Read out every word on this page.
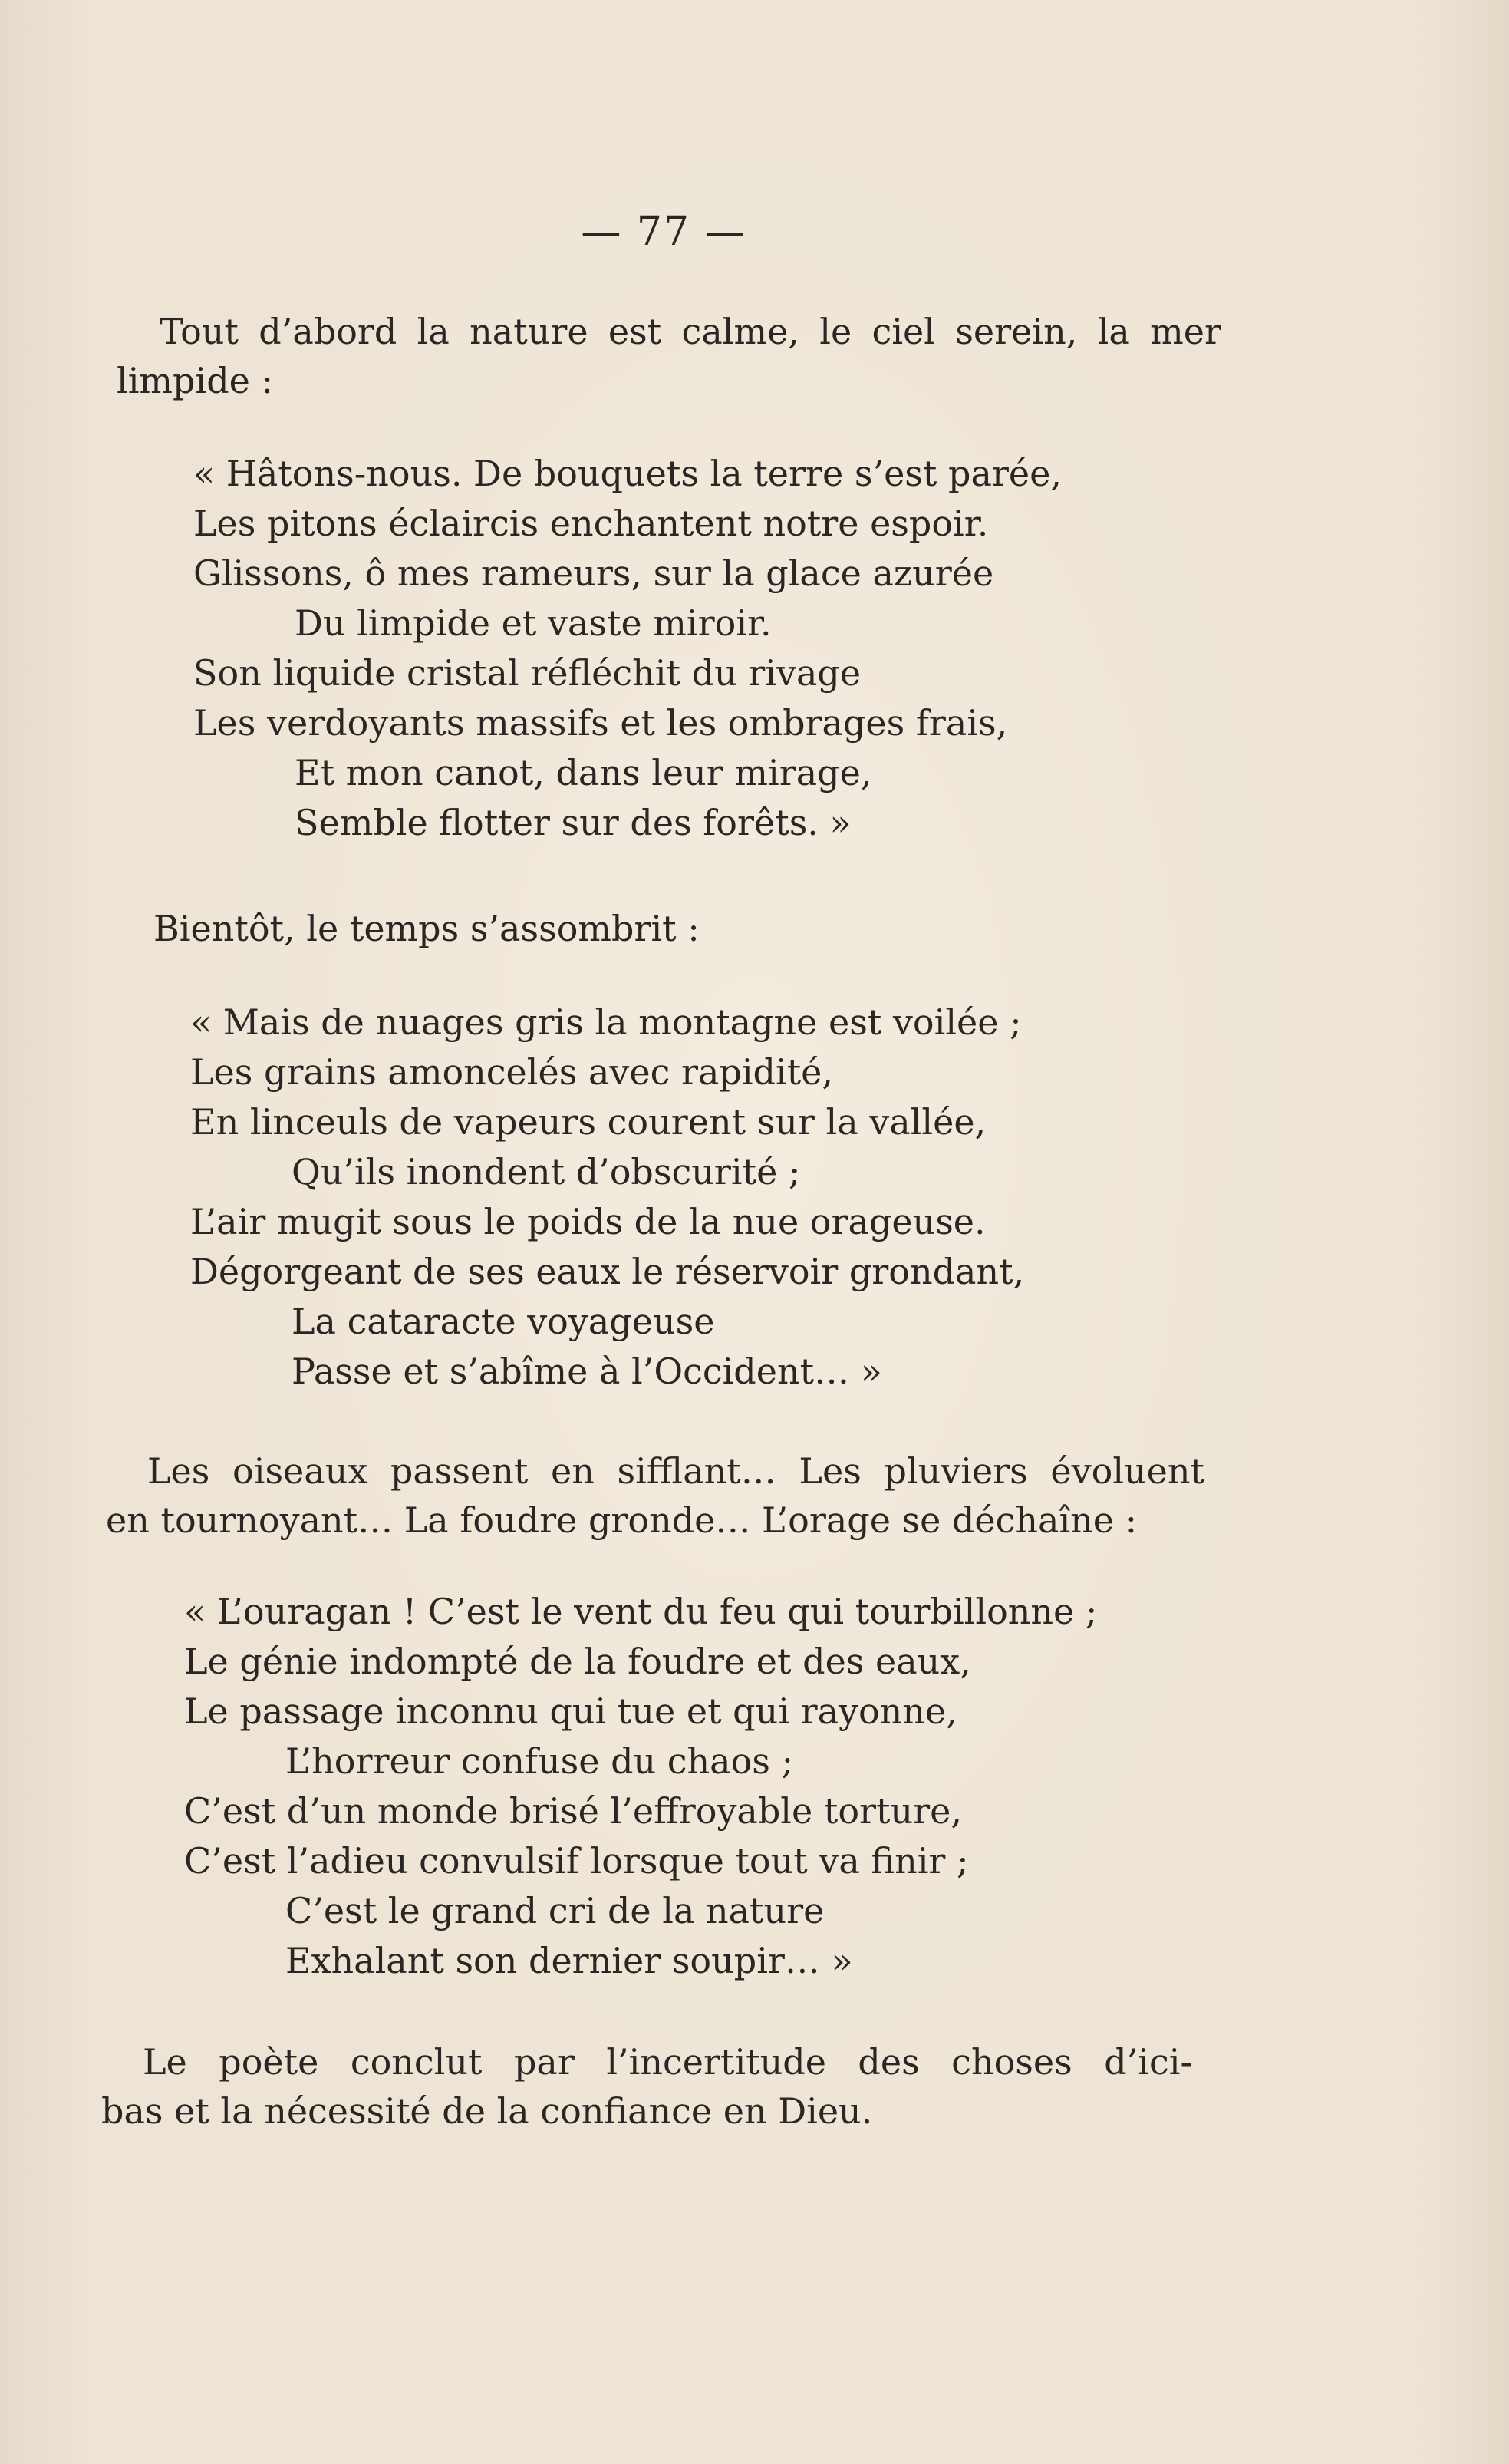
— 77 —
Tout d’abord la nature est calme, le ciel serein, la mer
limpide :
« Hâtons-nous. De bouquets la terre s’est parée,
Les pitons éclaircis enchantent notre espoir.
Glissons, ô mes rameurs, sur la glace azurée
Du limpide et vaste miroir.
Son liquide cristal réfléchit du rivage
Les verdoyants massifs et les ombrages frais,
Et mon canot, dans leur mirage,
Semble flotter sur des forêts. »
Bientôt, le temps s’assombrit :
« Mais de nuages gris la montagne est voilée ;
Les grains amoncelés avec rapidité,
En linceuls de vapeurs courent sur la vallée,
Qu’ils inondent d’obscurité ;
L’air mugit sous le poids de la nue orageuse.
Dégorgeant de ses eaux le réservoir grondant,
La cataracte voyageuse
Passe et s’abîme à l’Occident… »
Les oiseaux passent en sifflant… Les pluviers évoluent
en tournoyant… La foudre gronde… L’orage se déchaîne :
« L’ouragan ! C’est le vent du feu qui tourbillonne ;
Le génie indompté de la foudre et des eaux,
Le passage inconnu qui tue et qui rayonne,
L’horreur confuse du chaos ;
C’est d’un monde brisé l’effroyable torture,
C’est l’adieu convulsif lorsque tout va finir ;
C’est le grand cri de la nature
Exhalant son dernier soupir… »
Le poète conclut par l’incertitude des choses d’ici-
bas et la nécessité de la confiance en Dieu.
